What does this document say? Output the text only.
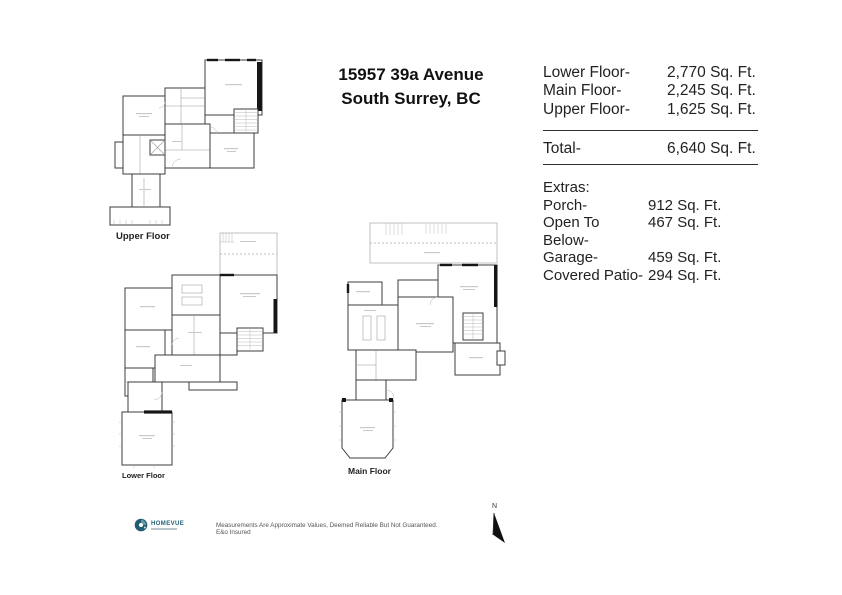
15957 39a Avenue
South Surrey, BC
Lower Floor-	2,770 Sq. Ft.
Main Floor-	2,245 Sq. Ft.
Upper Floor-	1,625 Sq. Ft.
Total-	6,640 Sq. Ft.
Extras:
Porch-	912 Sq. Ft.
Open To Below-
467 Sq. Ft.
Garage-	459 Sq. Ft.
Covered Patio- 294 Sq. Ft.
Upper Floor
Lower Floor	Main Floor
HOMEVUE	Measurements Are Approximate Values, Deemed Reliable But Not Guaranteed. E&o Insured
N
